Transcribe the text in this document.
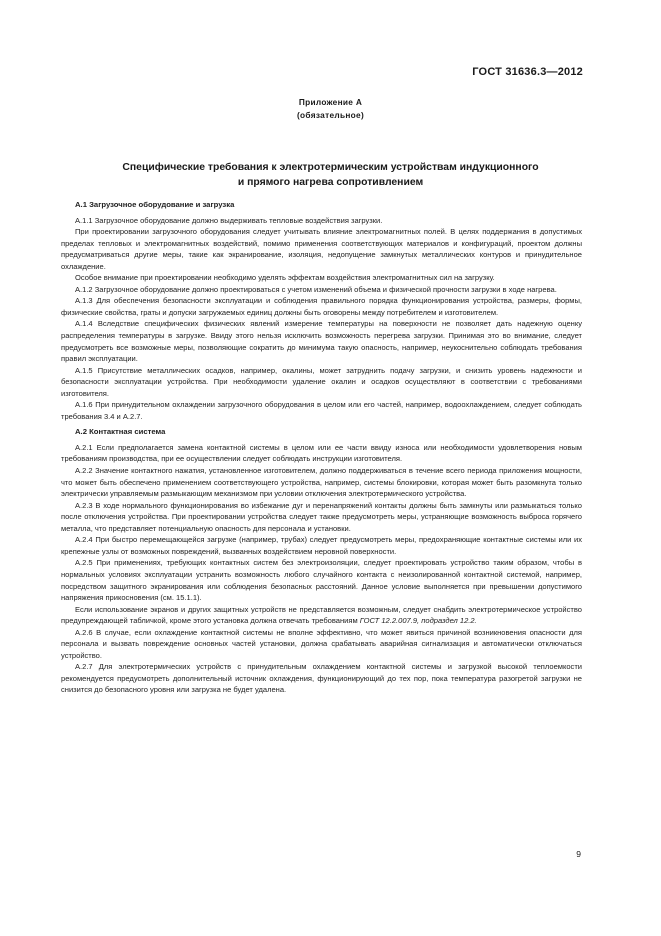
ГОСТ 31636.3—2012
Приложение А
(обязательное)
Специфические требования к электротермическим устройствам индукционного
и прямого нагрева сопротивлением

А.1 Загрузочное оборудование и загрузка

А.1.1 Загрузочное оборудование должно выдерживать тепловые воздействия загрузки.

При проектировании загрузочного оборудования следует учитывать влияние электромагнитных полей. В целях поддержания в допустимых пределах тепловых и электромагнитных воздействий, помимо применения соответствующих материалов и конфигураций, проектом должны предусматриваться другие меры, такие как экранирование, изоляция, недопущение замкнутых металлических контуров и принудительное охлаждение.

Особое внимание при проектировании необходимо уделять эффектам воздействия электромагнитных сил на загрузку.

А.1.2 Загрузочное оборудование должно проектироваться с учетом изменений объема и физической прочности загрузки в ходе нагрева.

А.1.3 Для обеспечения безопасности эксплуатации и соблюдения правильного порядка функционирования устройства, размеры, формы, физические свойства, граты и допуски загружаемых единиц должны быть оговорены между потребителем и изготовителем.

А.1.4 Вследствие специфических физических явлений измерение температуры на поверхности не позволяет дать надежную оценку распределения температуры в загрузке. Ввиду этого нельзя исключить возможность перегрева загрузки. Принимая это во внимание, следует предусмотреть все возможные меры, позволяющие сократить до минимума такую опасность, например, неукоснительно соблюдать требования правил эксплуатации.

А.1.5 Присутствие металлических осадков, например, окалины, может затруднить подачу загрузки, и снизить уровень надежности и безопасности эксплуатации устройства. При необходимости удаление окалин и осадков осуществляют в соответствии с требованиями изготовителя.

А.1.6 При принудительном охлаждении загрузочного оборудования в целом или его частей, например, водоохлаждением, следует соблюдать требования 3.4 и А.2.7.

А.2 Контактная система

А.2.1 Если предполагается замена контактной системы в целом или ее части ввиду износа или необходимости удовлетворения новым требованиям производства, при ее осуществлении следует соблюдать инструкции изготовителя.

А.2.2 Значение контактного нажатия, установленное изготовителем, должно поддерживаться в течение всего периода приложения мощности, что может быть обеспечено применением соответствующего устройства, например, системы блокировки, которая может быть разомкнута только электрически управляемым размыкающим механизмом при условии отключения электротермического устройства.

А.2.3 В ходе нормального функционирования во избежание дуг и перенапряжений контакты должны быть замкнуты или размыкаться только после отключения устройства. При проектировании устройства следует также предусмотреть меры, устраняющие возможность выброса горячего металла, что представляет потенциальную опасность для персонала и установки.

А.2.4 При быстро перемещающейся загрузке (например, трубах) следует предусмотреть меры, предохраняющие контактные системы или их крепежные узлы от возможных повреждений, вызванных воздействием неровной поверхности.

А.2.5 При применениях, требующих контактных систем без электроизоляции, следует проектировать устройство таким образом, чтобы в нормальных условиях эксплуатации устранить возможность любого случайного контакта с неизолированной контактной системой, например, посредством защитного экранирования или соблюдения безопасных расстояний. Данное условие выполняется при превышении допустимого напряжения прикосновения (см. 15.1.1).

Если использование экранов и других защитных устройств не представляется возможным, следует снабдить электротермическое устройство предупреждающей табличкой, кроме этого установка должна отвечать требованиям ГОСТ 12.2.007.9, подраздел 12.2.

А.2.6 В случае, если охлаждение контактной системы не вполне эффективно, что может явиться причиной возникновения опасности для персонала и вызвать повреждение основных частей установки, должна срабатывать аварийная сигнализация и автоматически отключаться устройство.

А.2.7 Для электротермических устройств с принудительным охлаждением контактной системы и загрузкой высокой теплоемкости рекомендуется предусмотреть дополнительный источник охлаждения, функционирующий до тех пор, пока температура разогретой загрузки не снизится до безопасного уровня или загрузка не будет удалена.

9
